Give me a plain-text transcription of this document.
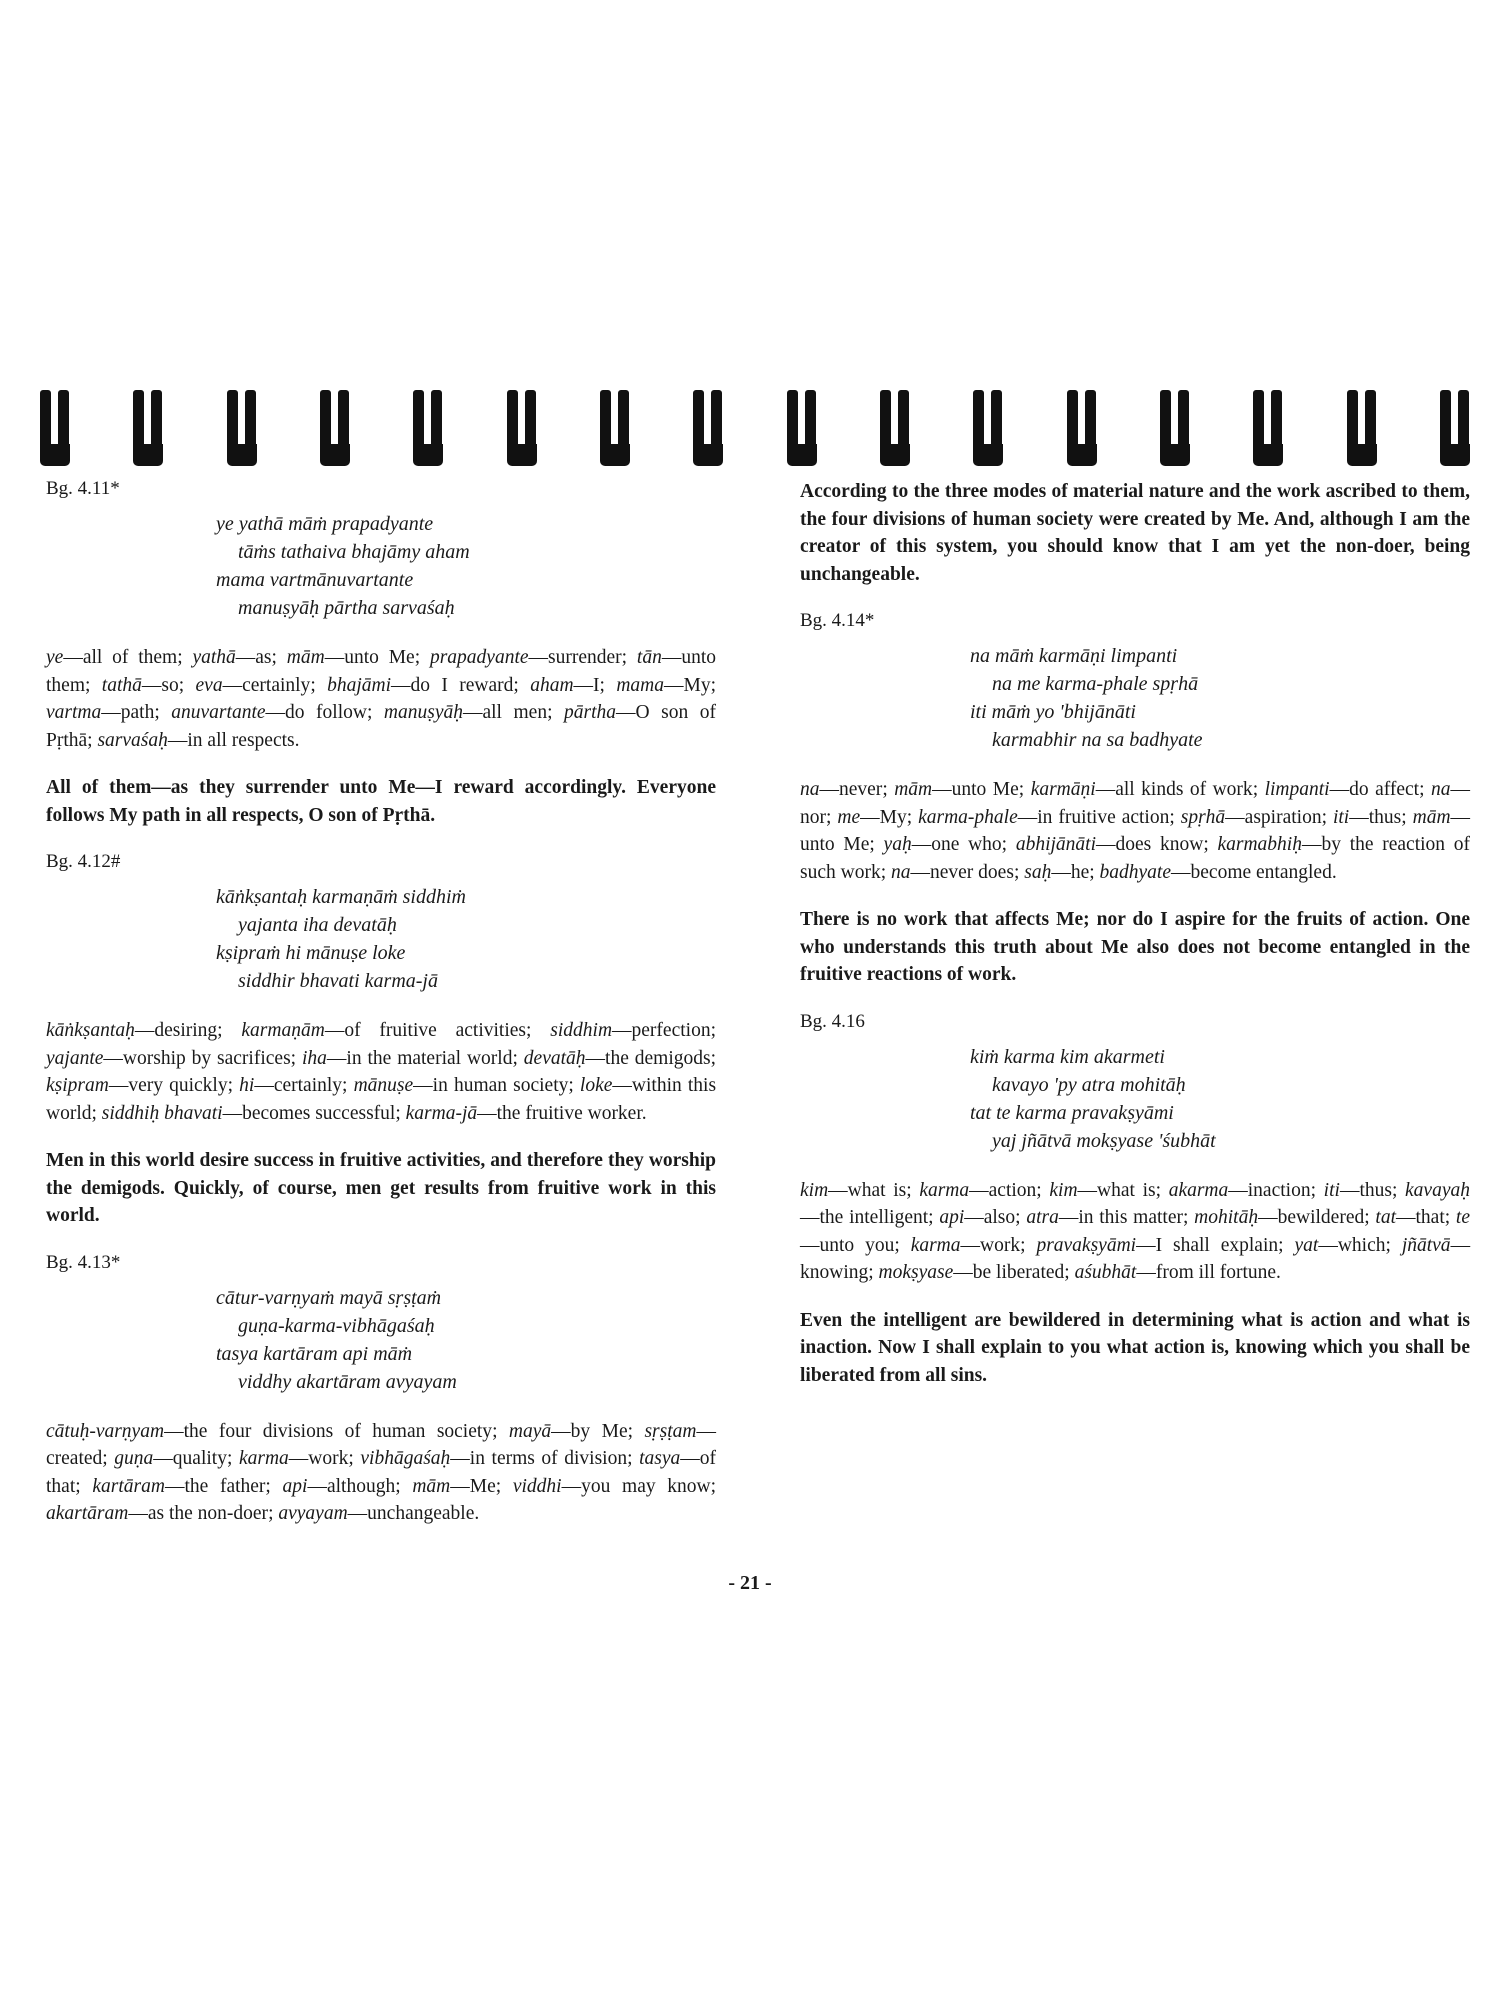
Bg. 4.11*
ye yathā māṁ prapadyante
tāṁs tathaiva bhajāmy aham
mama vartmānuvartante
manuṣyāḥ pārtha sarvaśaḥ

ye—all of them; yathā—as; mām—unto Me; prapadyante—surrender; tān—unto them; tathā—so; eva—certainly; bhajāmi—do I reward; aham—I; mama—My; vartma—path; anuvartante—do follow; manuṣyāḥ—all men; pārtha—O son of Pṛthā; sarvaśaḥ—in all respects.

All of them—as they surrender unto Me—I reward accordingly. Everyone follows My path in all respects, O son of Pṛthā.

Bg. 4.12#
kāṅkṣantaḥ karmaṇāṁ siddhiṁ
yajanta iha devatāḥ
kṣipraṁ hi mānuṣe loke
siddhir bhavati karma-jā

kāṅkṣantaḥ—desiring; karmaṇām—of fruitive activities; siddhim—perfection; yajante—worship by sacrifices; iha—in the material world; devatāḥ—the demigods; kṣipram—very quickly; hi—certainly; mānuṣe—in human society; loke—within this world; siddhiḥ bhavati—becomes successful; karma-jā—the fruitive worker.

Men in this world desire success in fruitive activities, and therefore they worship the demigods. Quickly, of course, men get results from fruitive work in this world.

Bg. 4.13*
cātur-varṇyaṁ mayā sṛṣṭaṁ
guṇa-karma-vibhāgaśaḥ
tasya kartāram api māṁ
viddhy akartāram avyayam

cātuḥ-varṇyam—the four divisions of human society; mayā—by Me; sṛṣṭam—created; guṇa—quality; karma—work; vibhāgaśaḥ—in terms of division; tasya—of that; kartāram—the father; api—although; mām—Me; viddhi—you may know; akartāram—as the non-doer; avyayam—unchangeable.

According to the three modes of material nature and the work ascribed to them, the four divisions of human society were created by Me. And, although I am the creator of this system, you should know that I am yet the non-doer, being unchangeable.

Bg. 4.14*
na māṁ karmāṇi limpanti
na me karma-phale spṛhā
iti māṁ yo 'bhijānāti
karmabhir na sa badhyate

na—never; mām—unto Me; karmāṇi—all kinds of work; limpanti—do affect; na—nor; me—My; karma-phale—in fruitive action; spṛhā—aspiration; iti—thus; mām—unto Me; yaḥ—one who; abhijānāti—does know; karmabhiḥ—by the reaction of such work; na—never does; saḥ—he; badhyate—become entangled.

There is no work that affects Me; nor do I aspire for the fruits of action. One who understands this truth about Me also does not become entangled in the fruitive reactions of work.

Bg. 4.16
kiṁ karma kim akarmeti
kavayo 'py atra mohitāḥ
tat te karma pravakṣyāmi
yaj jñātvā mokṣyase 'śubhāt

kim—what is; karma—action; kim—what is; akarma—inaction; iti—thus; kavayaḥ—the intelligent; api—also; atra—in this matter; mohitāḥ—bewildered; tat—that; te—unto you; karma—work; pravakṣyāmi—I shall explain; yat—which; jñātvā—knowing; mokṣyase—be liberated; aśubhāt—from ill fortune.

Even the intelligent are bewildered in determining what is action and what is inaction. Now I shall explain to you what action is, knowing which you shall be liberated from all sins.

- 21 -
